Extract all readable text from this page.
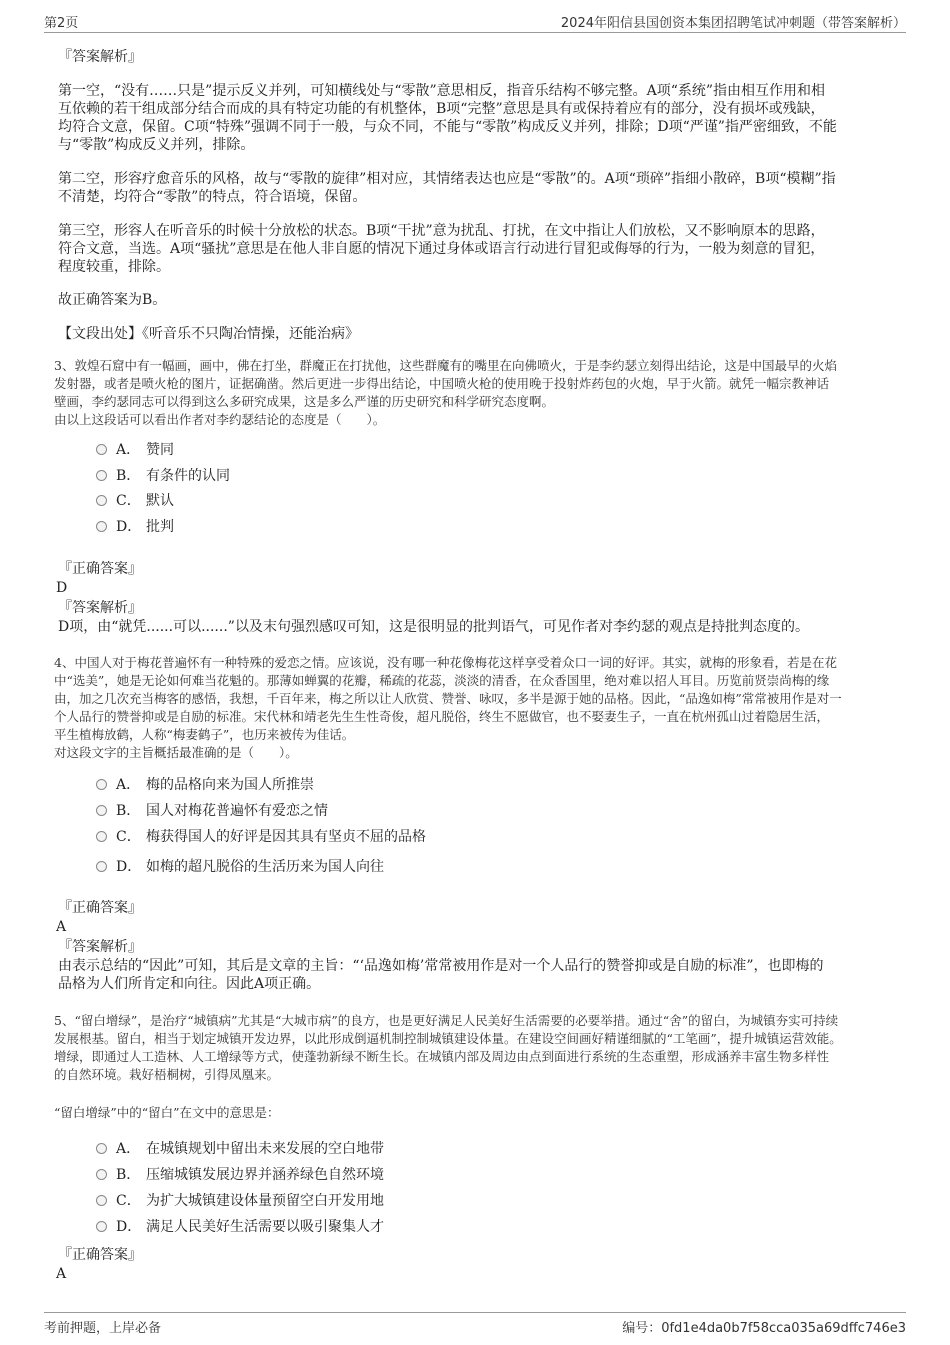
第2页	2024年阳信县国创资本集团招聘笔试冲刺题（带答案解析）
『答案解析』
第一空，“没有……只是”提示反义并列，可知横线处与“零散”意思相反，指音乐结构不够完整。A项“系统”指由相互作用和相
互依赖的若干组成部分结合而成的具有特定功能的有机整体，B项“完整”意思是具有或保持着应有的部分，没有损坏或残缺，
均符合文意，保留。C项“特殊”强调不同于一般，与众不同，不能与“零散”构成反义并列，排除；D项“严谨”指严密细致，不能
与“零散”构成反义并列，排除。
第二空，形容疗愈音乐的风格，故与“零散的旋律”相对应，其情绪表达也应是“零散”的。A项“琐碎”指细小散碎，B项“模糊”指
不清楚，均符合“零散”的特点，符合语境，保留。
第三空，形容人在听音乐的时候十分放松的状态。B项“干扰”意为扰乱、打扰，在文中指让人们放松，又不影响原本的思路，
符合文意，当选。A项“骚扰”意思是在他人非自愿的情况下通过身体或语言行动进行冒犯或侮辱的行为，一般为刻意的冒犯，
程度较重，排除。
故正确答案为B。
【文段出处】《听音乐不只陶冶情操，还能治病》
3、敦煌石窟中有一幅画，画中，佛在打坐，群魔正在打扰他，这些群魔有的嘴里在向佛喷火，于是李约瑟立刻得出结论，这是中国最早的火焰
发射器，或者是喷火枪的图片，证据确凿。然后更进一步得出结论，中国喷火枪的使用晚于投射炸药包的火炮，早于火箭。就凭一幅宗教神话
壁画，李约瑟同志可以得到这么多研究成果，这是多么严谨的历史研究和科学研究态度啊。
由以上这段话可以看出作者对李约瑟结论的态度是（　　）。
A． 赞同
B． 有条件的认同
C． 默认
D． 批判
『正确答案』
D
『答案解析』
D项，由“就凭......可以......”以及末句强烈感叹可知，这是很明显的批判语气，可见作者对李约瑟的观点是持批判态度的。
4、中国人对于梅花普遍怀有一种特殊的爱恋之情。应该说，没有哪一种花像梅花这样享受着众口一词的好评。其实，就梅的形象看，若是在花
中“选美”，她是无论如何难当花魁的。那薄如蝉翼的花瓣，稀疏的花蕊，淡淡的清香，在众香国里，绝对难以招人耳目。历览前贤崇尚梅的缘
由，加之几次充当梅客的感悟，我想，千百年来，梅之所以让人欣赏、赞誉、咏叹，多半是源于她的品格。因此，“品逸如梅”常常被用作是对一
个人品行的赞誉抑或是自励的标准。宋代林和靖老先生生性奇俊，超凡脱俗，终生不愿做官，也不娶妻生子，一直在杭州孤山过着隐居生活，
平生植梅放鹤，人称“梅妻鹤子”，也历来被传为佳话。
对这段文字的主旨概括最准确的是（　　）。
A． 梅的品格向来为国人所推崇
B． 国人对梅花普遍怀有爱恋之情
C． 梅获得国人的好评是因其具有坚贞不屈的品格
D． 如梅的超凡脱俗的生活历来为国人向往
『正确答案』
A
『答案解析』
由表示总结的“因此”可知，其后是文章的主旨：“‘品逸如梅’常常被用作是对一个人品行的赞誉抑或是自励的标准”，也即梅的
品格为人们所肯定和向往。因此A项正确。
5、“留白增绿”，是治疗“城镇病”尤其是“大城市病”的良方，也是更好满足人民美好生活需要的必要举措。通过“舍”的留白，为城镇夯实可持续
发展根基。留白，相当于划定城镇开发边界，以此形成倒逼机制控制城镇建设体量。在建设空间画好精谨细腻的“工笔画”，提升城镇运营效能。
增绿，即通过人工造林、人工增绿等方式，使蓬勃新绿不断生长。在城镇内部及周边由点到面进行系统的生态重塑，形成涵养丰富生物多样性
的自然环境。栽好梧桐树，引得凤凰来。
“留白增绿”中的“留白”在文中的意思是：
A． 在城镇规划中留出未来发展的空白地带
B． 压缩城镇发展边界并涵养绿色自然环境
C． 为扩大城镇建设体量预留空白开发用地
D． 满足人民美好生活需要以吸引聚集人才
『正确答案』
A
考前押题，上岸必备	编号：0fd1e4da0b7f58cca035a69dffc746e3
